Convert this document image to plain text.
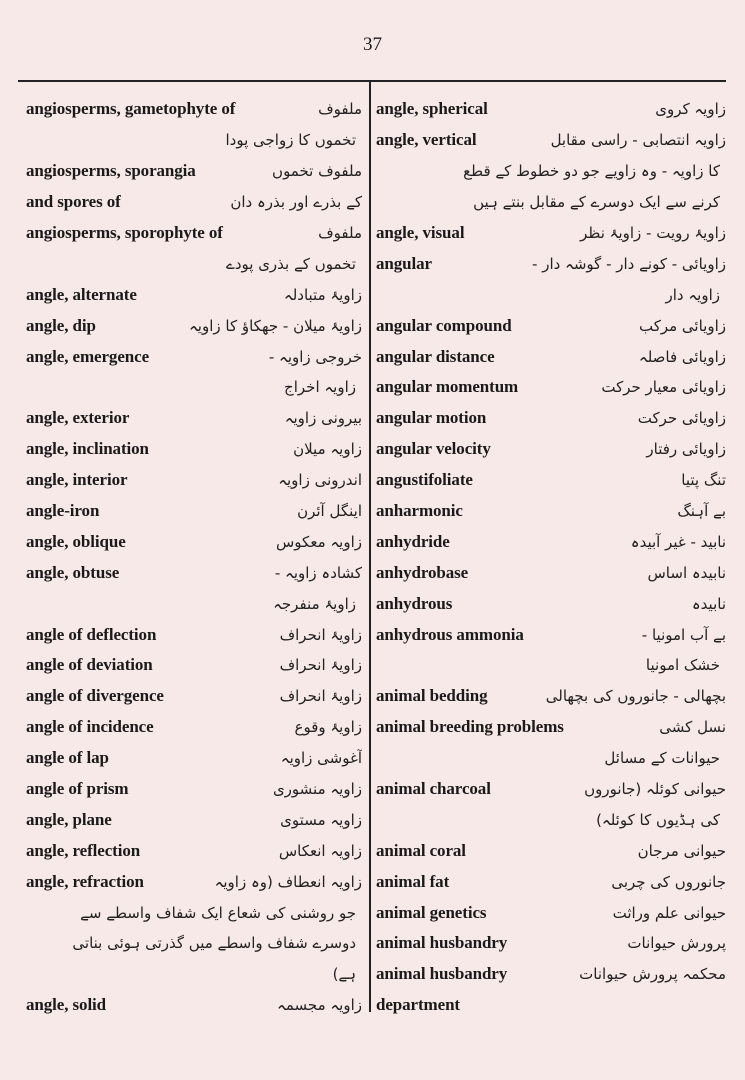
37
angiosperms, gametophyte of	ملفوف
تخموں کا زواجی پودا
angiosperms, sporangia	ملفوف تخموں
and spores of	کے بذرے اور بذرہ دان
angiosperms, sporophyte of	ملفوف
تخموں کے بذری پودے
angle, alternate	زاویۂ متبادلہ
angle, dip	زاویۂ میلان - جھکاؤ کا زاویہ
angle, emergence	خروجی زاویہ -
زاویہ اخراج
angle, exterior	بیرونی زاویہ
angle, inclination	زاویہ میلان
angle, interior	اندرونی زاویہ
angle-iron	اینگل آئرن
angle, oblique	زاویہ معکوس
angle, obtuse	کشادہ زاویہ -
زاویۂ منفرجہ
angle of deflection	زاویۂ انحراف
angle of deviation	زاویۂ انحراف
angle of divergence	زاویۂ انحراف
angle of incidence	زاویۂ وقوع
angle of lap	آغوشی زاویہ
angle of prism	زاویہ منشوری
angle, plane	زاویہ مستوی
angle, reflection	زاویہ انعکاس
angle, refraction	زاویہ انعطاف (وہ زاویہ
جو روشنی کی شعاع ایک شفاف واسطے سے
دوسرے شفاف واسطے میں گذرتی ہوئی بناتی
ہے)
angle, solid	زاویہ مجسمہ
angle, spherical	زاویہ کروی
angle, vertical	زاویہ انتصابی - راسی مقابل
کا زاویہ - وہ زاویے جو دو خطوط کے قطع
کرنے سے ایک دوسرے کے مقابل بنتے ہیں
angle, visual	زاویۂ رویت - زاویۂ نظر
angular	زاویائی - کونے دار - گوشہ دار -
زاویہ دار
angular compound	زاویائی مرکب
angular distance	زاویائی فاصلہ
angular momentum	زاویائی معیار حرکت
angular motion	زاویائی حرکت
angular velocity	زاویائی رفتار
angustifoliate	تنگ پتیا
anharmonic	بے آہنگ
anhydride	نابید - غیر آبیدہ
anhydrobase	نابیدہ اساس
anhydrous	نابیدہ
anhydrous ammonia	بے آب امونیا -
خشک امونیا
animal bedding	بچھالی - جانوروں کی بچھالی
animal breeding problems	نسل کشی
حیوانات کے مسائل
animal charcoal	حیوانی کوئلہ (جانوروں
کی ہڈیوں کا کوئلہ)
animal coral	حیوانی مرجان
animal fat	جانوروں کی چربی
animal genetics	حیوانی علم وراثت
animal husbandry	پرورش حیوانات
animal husbandry	محکمہ پرورش حیوانات
department
